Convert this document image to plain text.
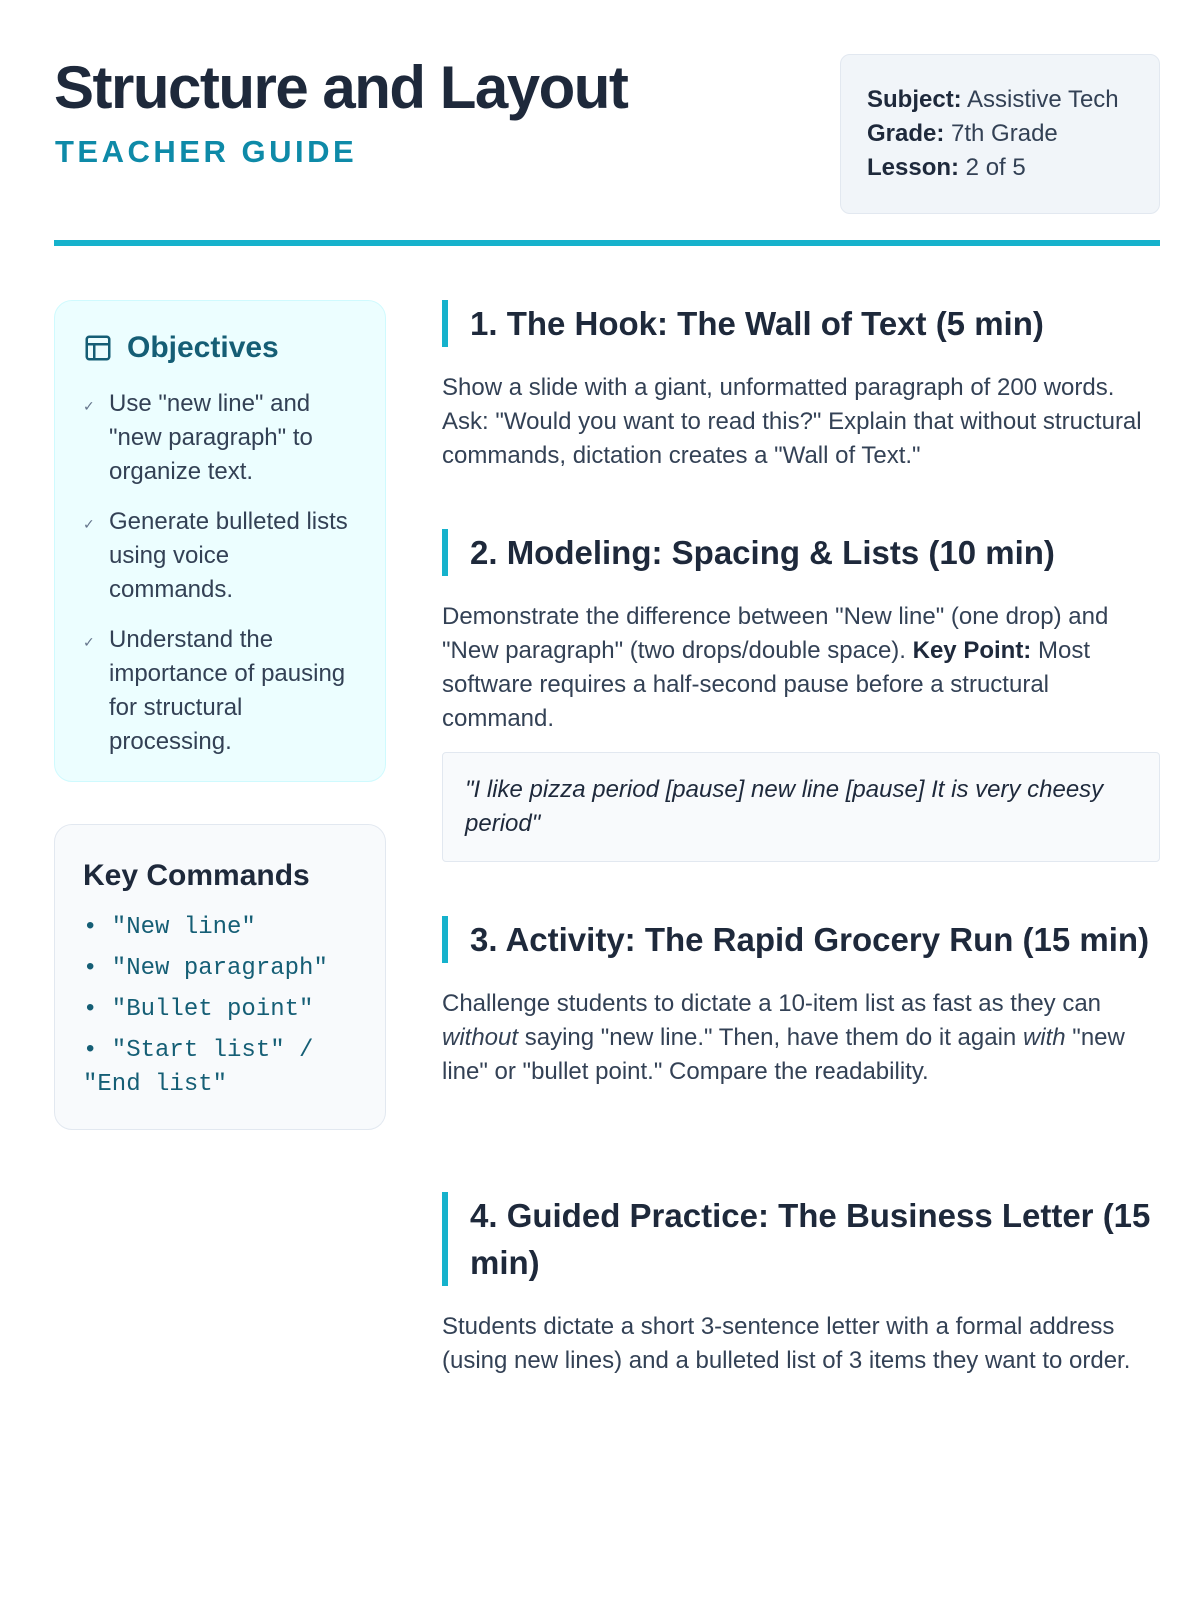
Structure and Layout
TEACHER GUIDE
Subject: Assistive Tech
Grade: 7th Grade
Lesson: 2 of 5
Objectives
✓ Use "new line" and "new paragraph" to organize text.
✓ Generate bulleted lists using voice commands.
✓ Understand the importance of pausing for structural processing.
Key Commands
• "New line"
• "New paragraph"
• "Bullet point"
• "Start list" / "End list"
1. The Hook: The Wall of Text (5 min)

Show a slide with a giant, unformatted paragraph of 200 words. Ask: "Would you want to read this?" Explain that without structural commands, dictation creates a "Wall of Text."

2. Modeling: Spacing & Lists (10 min)

Demonstrate the difference between "New line" (one drop) and "New paragraph" (two drops/double space). Key Point: Most software requires a half-second pause before a structural command.

"I like pizza period [pause] new line [pause] It is very cheesy period"
3. Activity: The Rapid Grocery Run (15 min)

Challenge students to dictate a 10-item list as fast as they can without saying "new line." Then, have them do it again with "new line" or "bullet point." Compare the readability.

4. Guided Practice: The Business Letter (15 min)

Students dictate a short 3-sentence letter with a formal address (using new lines) and a bulleted list of 3 items they want to order.
